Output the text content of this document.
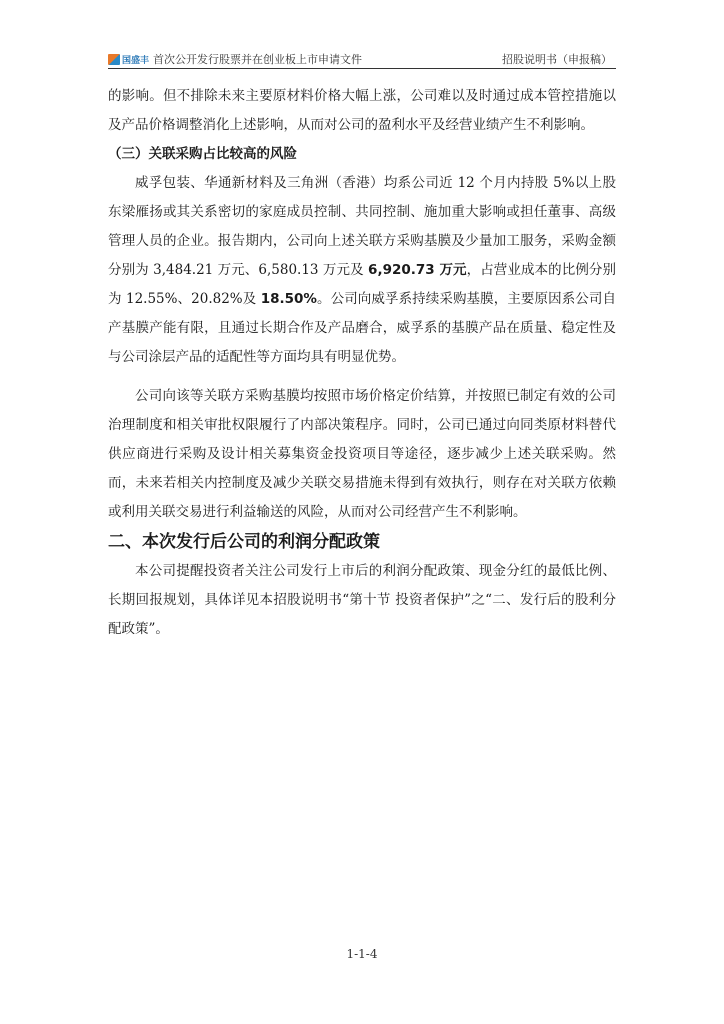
国盛丰 首次公开发行股票并在创业板上市申请文件	招股说明书（申报稿）

的影响。但不排除未来主要原材料价格大幅上涨，公司难以及时通过成本管控措施以及产品价格调整消化上述影响，从而对公司的盈利水平及经营业绩产生不利影响。

（三）关联采购占比较高的风险

威孚包装、华通新材料及三角洲（香港）均系公司近 12 个月内持股 5%以上股东梁雁扬或其关系密切的家庭成员控制、共同控制、施加重大影响或担任董事、高级管理人员的企业。报告期内，公司向上述关联方采购基膜及少量加工服务，采购金额分别为 3,484.21 万元、6,580.13 万元及 6,920.73 万元，占营业成本的比例分别为 12.55%、20.82%及 18.50%。公司向威孚系持续采购基膜，主要原因系公司自产基膜产能有限，且通过长期合作及产品磨合，威孚系的基膜产品在质量、稳定性及与公司涂层产品的适配性等方面均具有明显优势。

公司向该等关联方采购基膜均按照市场价格定价结算，并按照已制定有效的公司治理制度和相关审批权限履行了内部决策程序。同时，公司已通过向同类原材料替代供应商进行采购及设计相关募集资金投资项目等途径，逐步减少上述关联采购。然而，未来若相关内控制度及减少关联交易措施未得到有效执行，则存在对关联方依赖或利用关联交易进行利益输送的风险，从而对公司经营产生不利影响。

二、本次发行后公司的利润分配政策

本公司提醒投资者关注公司发行上市后的利润分配政策、现金分红的最低比例、长期回报规划，具体详见本招股说明书“第十节 投资者保护”之“二、发行后的股利分配政策”。

1-1-4
